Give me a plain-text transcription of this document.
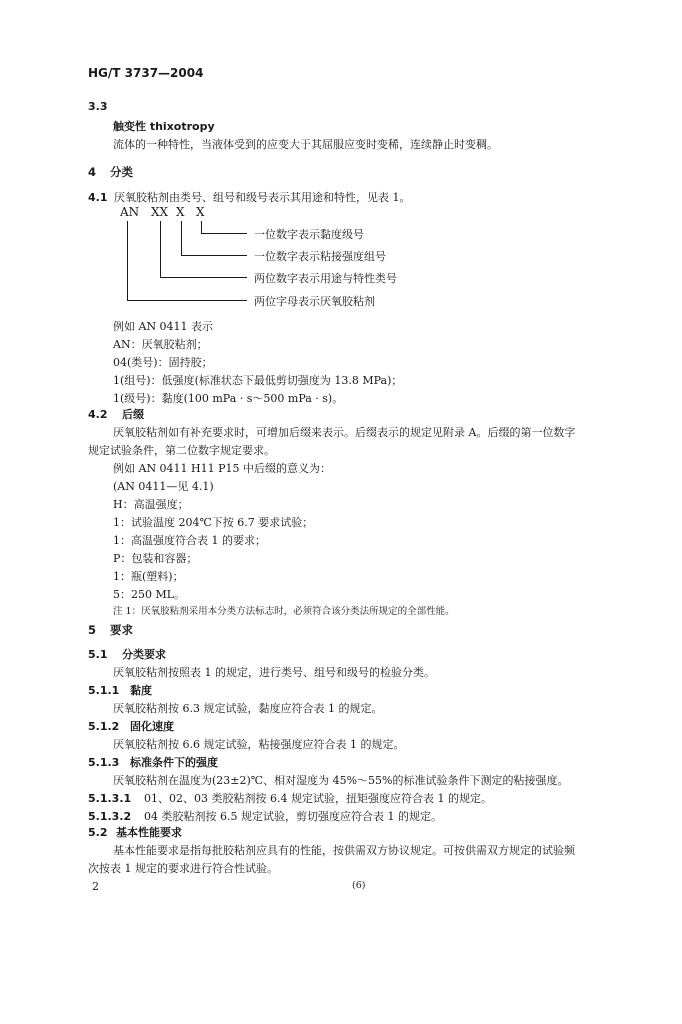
HG/T 3737—2004
3.3
触变性 thixotropy
流体的一种特性，当液体受到的应变大于其屈服应变时变稀，连续静止时变稠。
4 分类
4.1 厌氧胶粘剂由类号、组号和级号表示其用途和特性，见表 1。
AN XX X X
一位数字表示黏度级号
一位数字表示粘接强度组号
两位数字表示用途与特性类号
两位字母表示厌氧胶粘剂
例如 AN 0411 表示
AN：厌氧胶粘剂；
04(类号)：固持胶；
1(组号)：低强度(标准状态下最低剪切强度为 13.8 MPa)；
1(级号)：黏度(100 mPa · s～500 mPa · s)。
4.2 后缀
厌氧胶粘剂如有补充要求时，可增加后缀来表示。后缀表示的规定见附录 A。后缀的第一位数字
规定试验条件，第二位数字规定要求。
例如 AN 0411 H11 P15 中后缀的意义为：
(AN 0411—见 4.1)
H：高温强度；
1：试验温度 204℃下按 6.7 要求试验；
1：高温强度符合表 1 的要求；
P：包装和容器；
1：瓶(塑料)；
5：250 ML。
注 1：厌氧胶粘剂采用本分类方法标志时，必须符合该分类法所规定的全部性能。
5 要求
5.1 分类要求
厌氧胶粘剂按照表 1 的规定，进行类号、组号和级号的检验分类。
5.1.1 黏度
厌氧胶粘剂按 6.3 规定试验，黏度应符合表 1 的规定。
5.1.2 固化速度
厌氧胶粘剂按 6.6 规定试验，粘接强度应符合表 1 的规定。
5.1.3 标准条件下的强度
厌氧胶粘剂在温度为(23±2)℃、相对湿度为 45%～55%的标准试验条件下测定的粘接强度。
5.1.3.1 01、02、03 类胶粘剂按 6.4 规定试验，扭矩强度应符合表 1 的规定。
5.1.3.2 04 类胶粘剂按 6.5 规定试验，剪切强度应符合表 1 的规定。
5.2 基本性能要求
基本性能要求是指每批胶粘剂应具有的性能，按供需双方协议规定。可按供需双方规定的试验频
次按表 1 规定的要求进行符合性试验。
2	(6)
